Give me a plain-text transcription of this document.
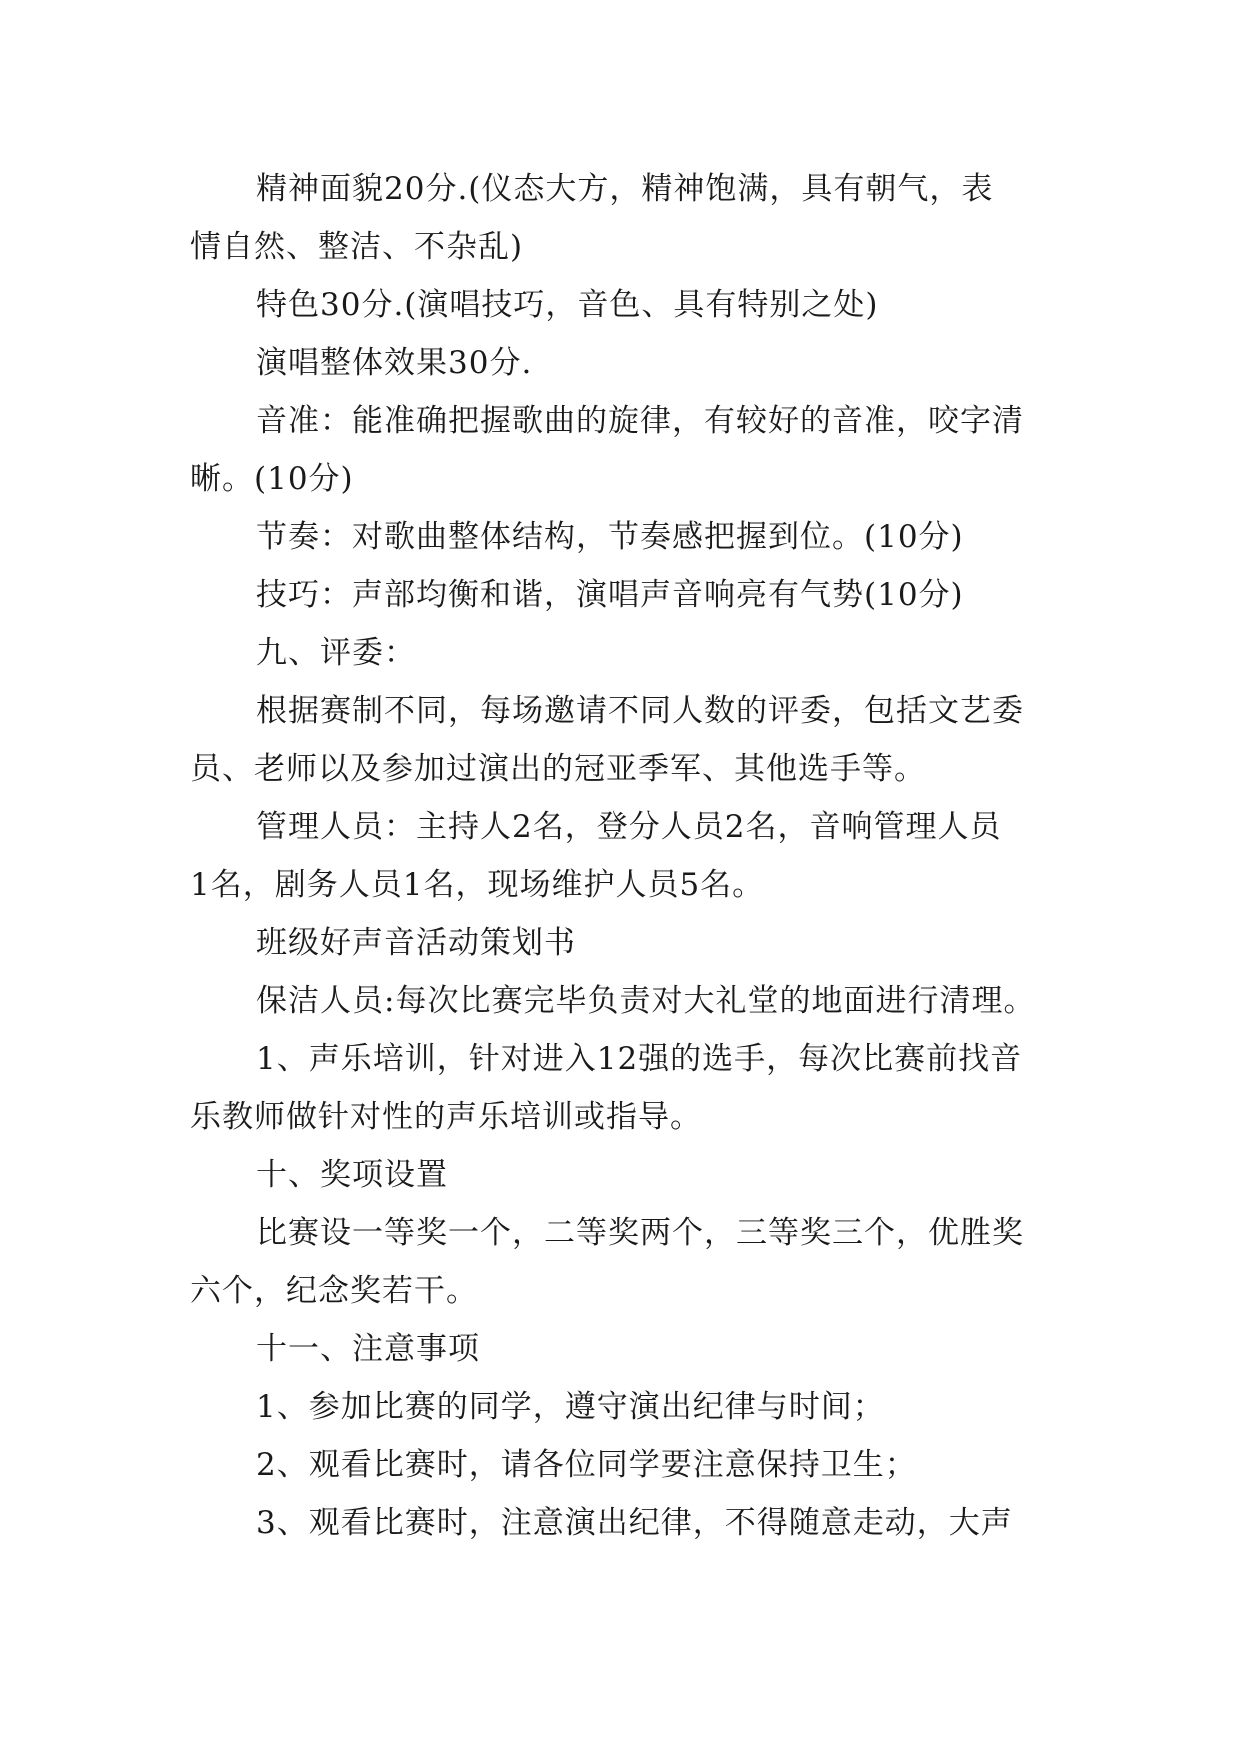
精神面貌20分.(仪态大方，精神饱满，具有朝气，表
情自然、整洁、不杂乱)
特色30分.(演唱技巧，音色、具有特别之处)
演唱整体效果30分.
音准：能准确把握歌曲的旋律，有较好的音准，咬字清
晰。(10分)
节奏：对歌曲整体结构，节奏感把握到位。(10分)
技巧：声部均衡和谐，演唱声音响亮有气势(10分)
九、评委：
根据赛制不同，每场邀请不同人数的评委，包括文艺委
员、老师以及参加过演出的冠亚季军、其他选手等。
管理人员：主持人2名，登分人员2名，音响管理人员
1名，剧务人员1名，现场维护人员5名。
班级好声音活动策划书
保洁人员:每次比赛完毕负责对大礼堂的地面进行清理。
1、声乐培训，针对进入12强的选手，每次比赛前找音
乐教师做针对性的声乐培训或指导。
十、奖项设置
比赛设一等奖一个，二等奖两个，三等奖三个，优胜奖
六个，纪念奖若干。
十一、注意事项
1、参加比赛的同学，遵守演出纪律与时间；
2、观看比赛时，请各位同学要注意保持卫生；
3、观看比赛时，注意演出纪律，不得随意走动，大声
